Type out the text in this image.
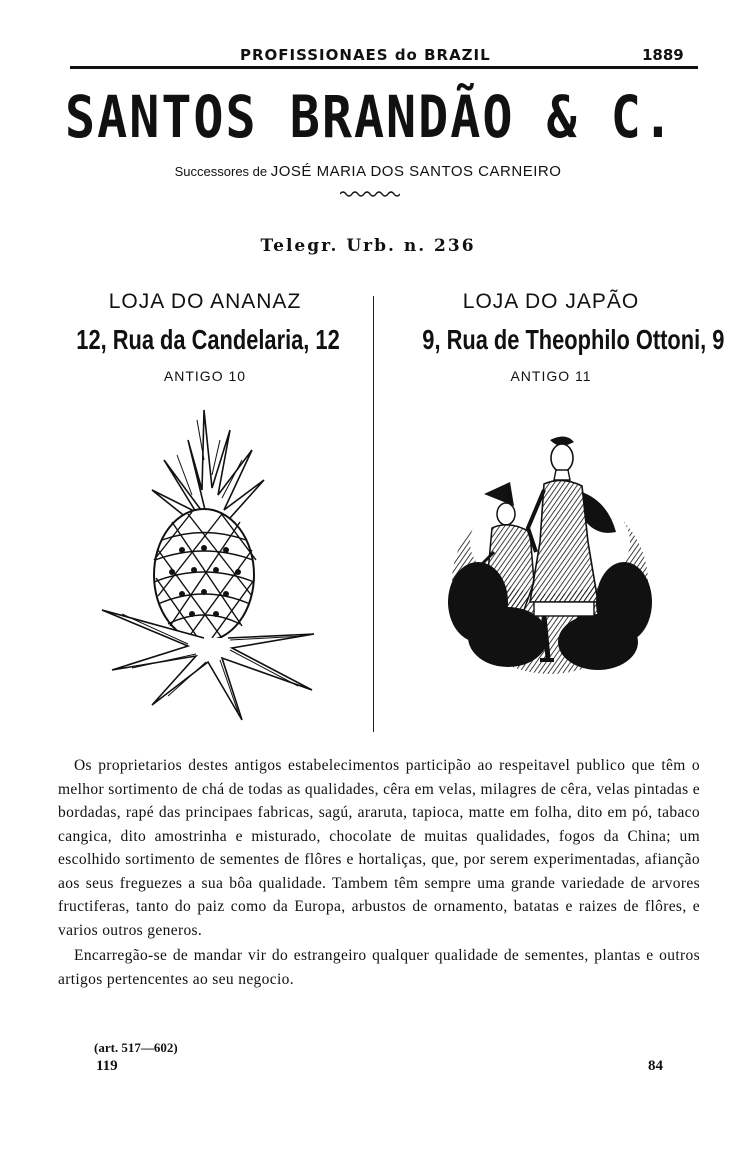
PROFISSIONAES do BRAZIL	1889
SANTOS BRANDÃO & C.
Successores de JOSÉ MARIA DOS SANTOS CARNEIRO
Telegr. Urb. n. 236
LOJA DO ANANAZ
12, Rua da Candelaria, 12
ANTIGO 10
LOJA DO JAPÃO
9, Rua de Theophilo Ottoni, 9
ANTIGO 11

Os proprietarios destes antigos estabelecimentos participão ao respeitavel publico que têm o melhor sortimento de chá de todas as qualidades, cêra em velas, milagres de cêra, velas pintadas e bordadas, rapé das principaes fabricas, sagú, araruta, tapioca, matte em folha, dito em pó, tabaco cangica, dito amostrinha e misturado, chocolate de muitas qualidades, fogos da China; um escolhido sortimento de sementes de flôres e hortaliças, que, por serem experimentadas, afianção aos seus freguezes a sua bôa qualidade. Tambem têm sempre uma grande variedade de arvores fructiferas, tanto do paiz como da Europa, arbustos de ornamento, batatas e raizes de flôres, e varios outros generos.

Encarregão-se de mandar vir do estrangeiro qualquer qualidade de sementes, plantas e outros artigos pertencentes ao seu negocio.

(art. 517—602)
119	84
